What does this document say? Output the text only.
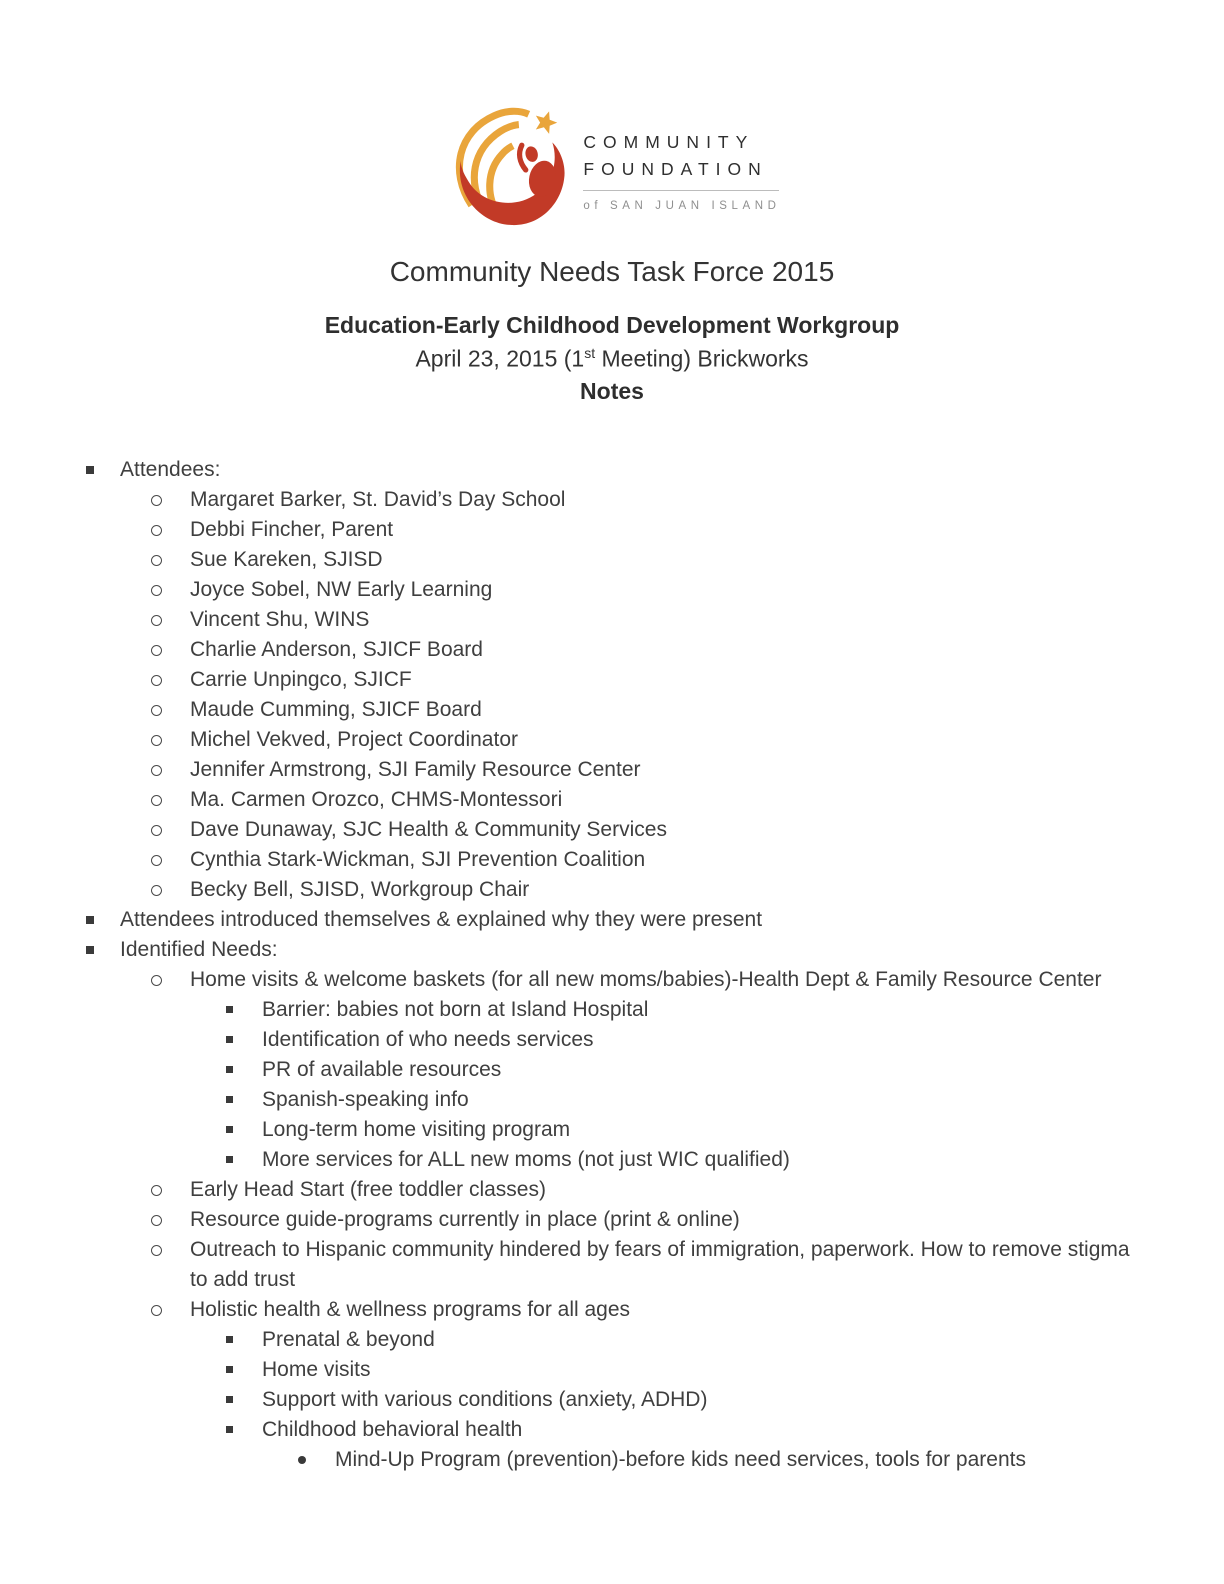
COMMUNITY
FOUNDATION
of SAN JUAN ISLAND
Community Needs Task Force 2015
Education-Early Childhood Development Workgroup
April 23, 2015 (1st Meeting) Brickworks
Notes
Attendees:
Margaret Barker, St. David’s Day School
Debbi Fincher, Parent
Sue Kareken, SJISD
Joyce Sobel, NW Early Learning
Vincent Shu, WINS
Charlie Anderson, SJICF Board
Carrie Unpingco, SJICF
Maude Cumming, SJICF Board
Michel Vekved, Project Coordinator
Jennifer Armstrong, SJI Family Resource Center
Ma. Carmen Orozco, CHMS-Montessori
Dave Dunaway, SJC Health & Community Services
Cynthia Stark-Wickman, SJI Prevention Coalition
Becky Bell, SJISD, Workgroup Chair
Attendees introduced themselves & explained why they were present
Identified Needs:
Home visits & welcome baskets (for all new moms/babies)-Health Dept & Family Resource Center
Barrier: babies not born at Island Hospital
Identification of who needs services
PR of available resources
Spanish-speaking info
Long-term home visiting program
More services for ALL new moms (not just WIC qualified)
Early Head Start (free toddler classes)
Resource guide-programs currently in place (print & online)
Outreach to Hispanic community hindered by fears of immigration, paperwork. How to remove stigma to add trust
Holistic health & wellness programs for all ages
Prenatal & beyond
Home visits
Support with various conditions (anxiety, ADHD)
Childhood behavioral health
Mind-Up Program (prevention)-before kids need services, tools for parents
